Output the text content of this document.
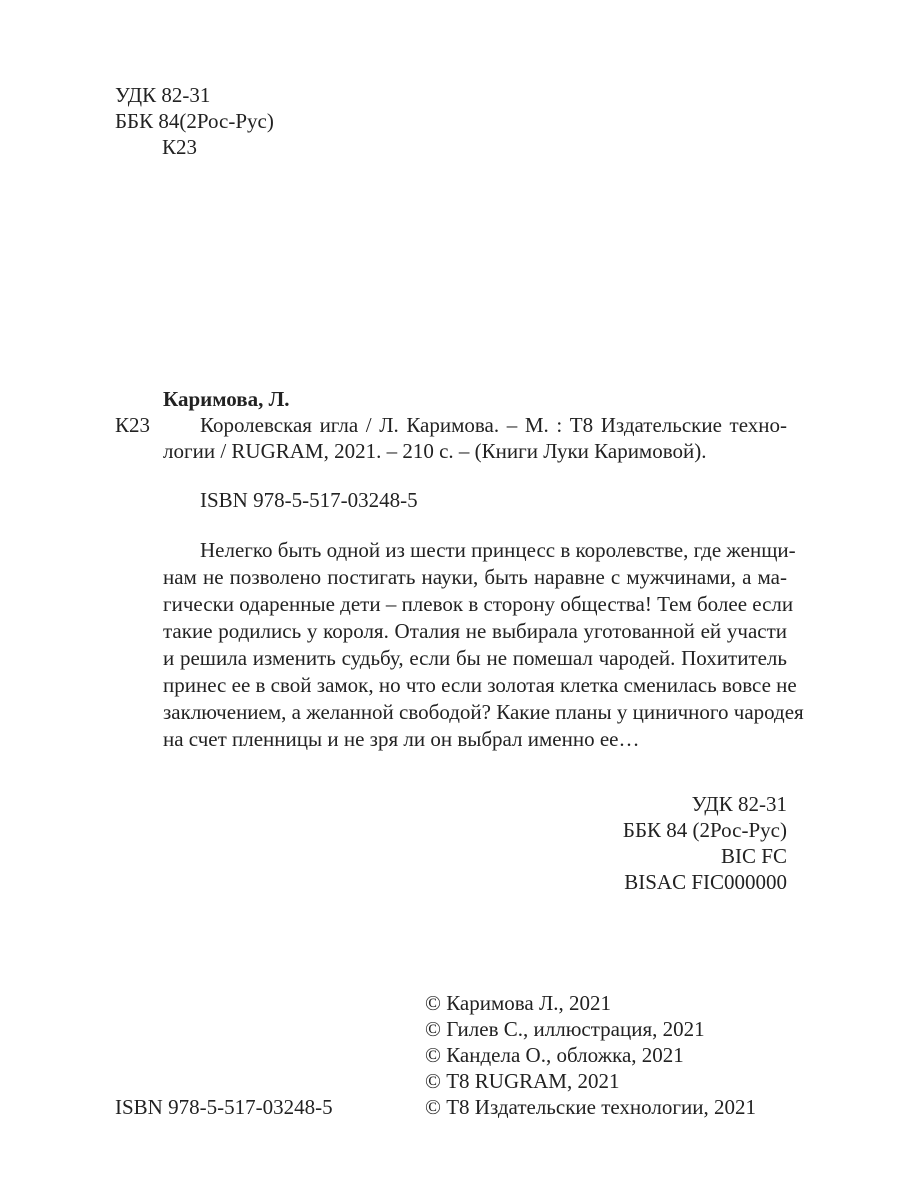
УДК 82-31
ББК 84(2Рос-Рус)
К23
Каримова, Л.
К23 Королевская игла / Л. Каримова. – М. : Т8 Издательские техно-
логии / RUGRAM, 2021. – 210 с. – (Книги Луки Каримовой).
ISBN 978-5-517-03248-5
Нелегко быть одной из шести принцесс в королевстве, где женщи-
нам не позволено постигать науки, быть наравне с мужчинами, а ма-
гически одаренные дети – плевок в сторону общества! Тем более если
такие родились у короля. Оталия не выбирала уготованной ей участи
и решила изменить судьбу, если бы не помешал чародей. Похититель
принес ее в свой замок, но что если золотая клетка сменилась вовсе не
заключением, а желанной свободой? Какие планы у циничного чародея
на счет пленницы и не зря ли он выбрал именно ее…
УДК 82-31
ББК 84 (2Рос-Рус)
BIC FC
BISAC FIC000000
© Каримова Л., 2021
© Гилев С., иллюстрация, 2021
© Кандела О., обложка, 2021
© Т8 RUGRAM, 2021
© Т8 Издательские технологии, 2021
ISBN 978-5-517-03248-5
